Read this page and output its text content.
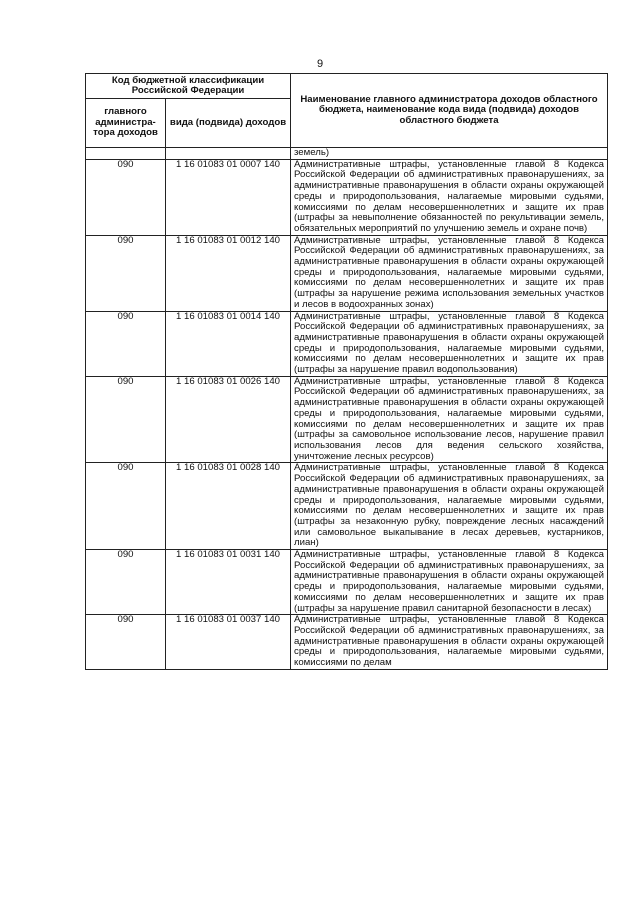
9
Код бюджетной классификации Российской Федерации		Наименование главного администратора доходов областного бюджета, наименование кода вида (подвида) доходов областного бюджета
главного администра-тора доходов	вида (подвида) доходов	
		земель)
090	1 16 01083 01 0007 140	Административные штрафы, установленные главой 8 Кодекса Российской Федерации об административных правонарушениях, за административные правонарушения в области охраны окружающей среды и природопользования, налагаемые мировыми судьями, комиссиями по делам несовершеннолетних и защите их прав (штрафы за невыполнение обязанностей по рекультивации земель, обязательных мероприятий по улучшению земель и охране почв)
090	1 16 01083 01 0012 140	Административные штрафы, установленные главой 8 Кодекса Российской Федерации об административных правонарушениях, за административные правонарушения в области охраны окружающей среды и природопользования, налагаемые мировыми судьями, комиссиями по делам несовершеннолетних и защите их прав (штрафы за нарушение режима использования земельных участков и лесов в водоохранных зонах)
090	1 16 01083 01 0014 140	Административные штрафы, установленные главой 8 Кодекса Российской Федерации об административных правонарушениях, за административные правонарушения в области охраны окружающей среды и природопользования, налагаемые мировыми судьями, комиссиями по делам несовершеннолетних и защите их прав (штрафы за нарушение правил водопользования)
090	1 16 01083 01 0026 140	Административные штрафы, установленные главой 8 Кодекса Российской Федерации об административных правонарушениях, за административные правонарушения в области охраны окружающей среды и природопользования, налагаемые мировыми судьями, комиссиями по делам несовершеннолетних и защите их прав (штрафы за самовольное использование лесов, нарушение правил использования лесов для ведения сельского хозяйства, уничтожение лесных ресурсов)
090	1 16 01083 01 0028 140	Административные штрафы, установленные главой 8 Кодекса Российской Федерации об административных правонарушениях, за административные правонарушения в области охраны окружающей среды и природопользования, налагаемые мировыми судьями, комиссиями по делам несовершеннолетних и защите их прав (штрафы за незаконную рубку, повреждение лесных насаждений или самовольное выкапывание в лесах деревьев, кустарников, лиан)
090	1 16 01083 01 0031 140	Административные штрафы, установленные главой 8 Кодекса Российской Федерации об административных правонарушениях, за административные правонарушения в области охраны окружающей среды и природопользования, налагаемые мировыми судьями, комиссиями по делам несовершеннолетних и защите их прав (штрафы за нарушение правил санитарной безопасности в лесах)
090	1 16 01083 01 0037 140	Административные штрафы, установленные главой 8 Кодекса Российской Федерации об административных правонарушениях, за административные правонарушения в области охраны окружающей среды и природопользования, налагаемые мировыми судьями, комиссиями по делам
